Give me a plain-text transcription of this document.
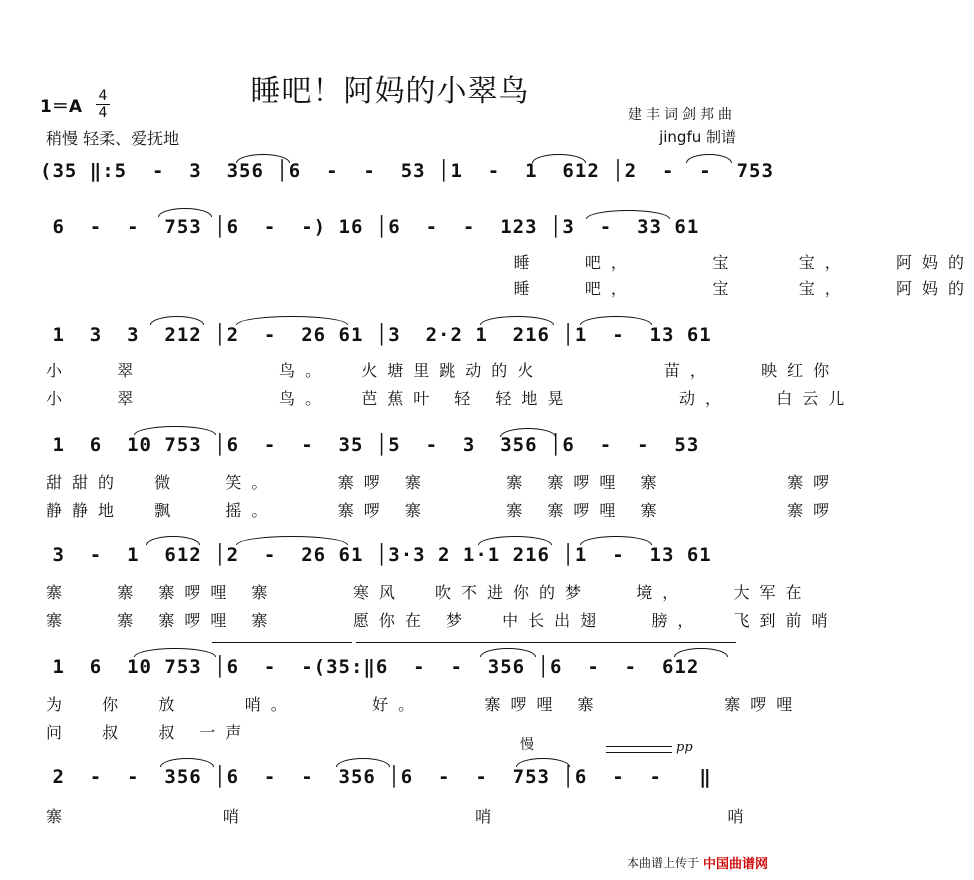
睡吧！阿妈的小翠鸟
1＝A
4
4
稍慢 轻柔、爱抚地
建丰词剑邦曲
jingfu 制谱
(35 ‖:5  -  3  356 │6  -  -  53 │1  -  1  612 │2  -  -  753
6  -  -  753 │6  -  -) 16 │6  -  -  123 │3  -  33 61
1  3  3  212 │2  -  26 61 │3  2·2 1  216 │1  -  13 61
1  6  10 753 │6  -  -  35 │5  -  3  356 │6  -  -  53
3  -  1  612 │2  -  26 61 │3·3 2 1·1 216 │1  -  13 61
1  6  10 753 │6  -  -(35:‖6  -  -  356 │6  -  -  612
2  -  -  356 │6  -  -  356 │6  -  -  753 │6  -  -   ‖
睡   吧，     宝    宝，   阿妈的
睡   吧，     宝    宝，   阿妈的
小   翠         鸟。  火塘里跳动的火        苗，   映红你
小   翠         鸟。  芭蕉叶 轻 轻地晃       动，   白云儿
甜甜的  微   笑。    寨啰 寨     寨 寨啰哩 寨        寨啰
静静地  飘   摇。    寨啰 寨     寨 寨啰哩 寨        寨啰
寨   寨 寨啰哩 寨     寒风  吹不进你的梦   境，   大军在
寨   寨 寨啰哩 寨     愿你在 梦  中长出翅   膀，  飞到前哨
为  你  放    哨。     好。    寨啰哩 寨        寨啰哩
问  叔  叔 一声
寨          哨               哨               哨
慢	pp
本曲谱上传于 中国曲谱网
